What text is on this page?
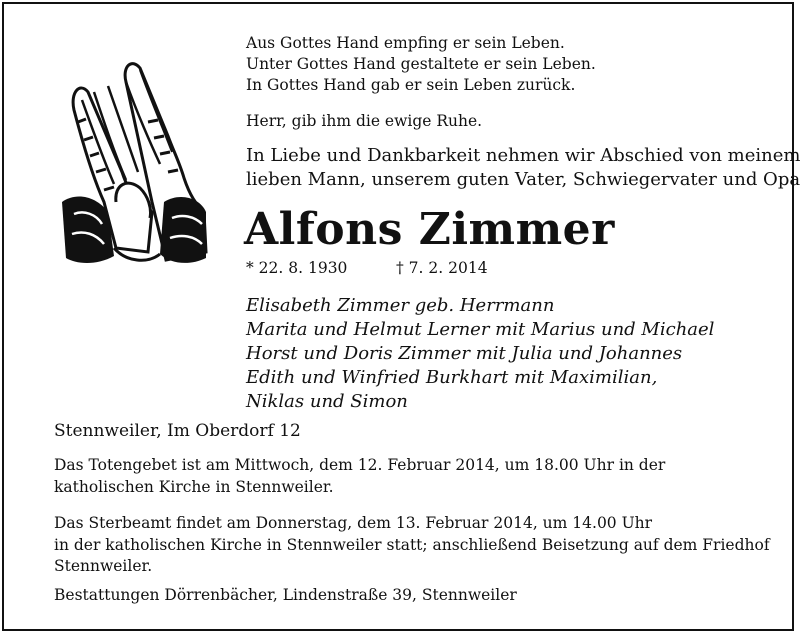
Aus Gottes Hand empfing er sein Leben.
Unter Gottes Hand gestaltete er sein Leben.
In Gottes Hand gab er sein Leben zurück.
Herr, gib ihm die ewige Ruhe.
In Liebe und Dankbarkeit nehmen wir Abschied von meinem
lieben Mann, unserem guten Vater, Schwiegervater und Opa
Alfons Zimmer
* 22. 8. 1930	† 7. 2. 2014
Elisabeth Zimmer geb. Herrmann
Marita und Helmut Lerner mit Marius und Michael
Horst und Doris Zimmer mit Julia und Johannes
Edith und Winfried Burkhart mit Maximilian,
Niklas und Simon
Stennweiler, Im Oberdorf 12
Das Totengebet ist am Mittwoch, dem 12. Februar 2014, um 18.00 Uhr in der
katholischen Kirche in Stennweiler.
Das Sterbeamt findet am Donnerstag, dem 13. Februar 2014, um 14.00 Uhr
in der katholischen Kirche in Stennweiler statt; anschließend Beisetzung auf dem Friedhof
Stennweiler.
Bestattungen Dörrenbächer, Lindenstraße 39, Stennweiler
